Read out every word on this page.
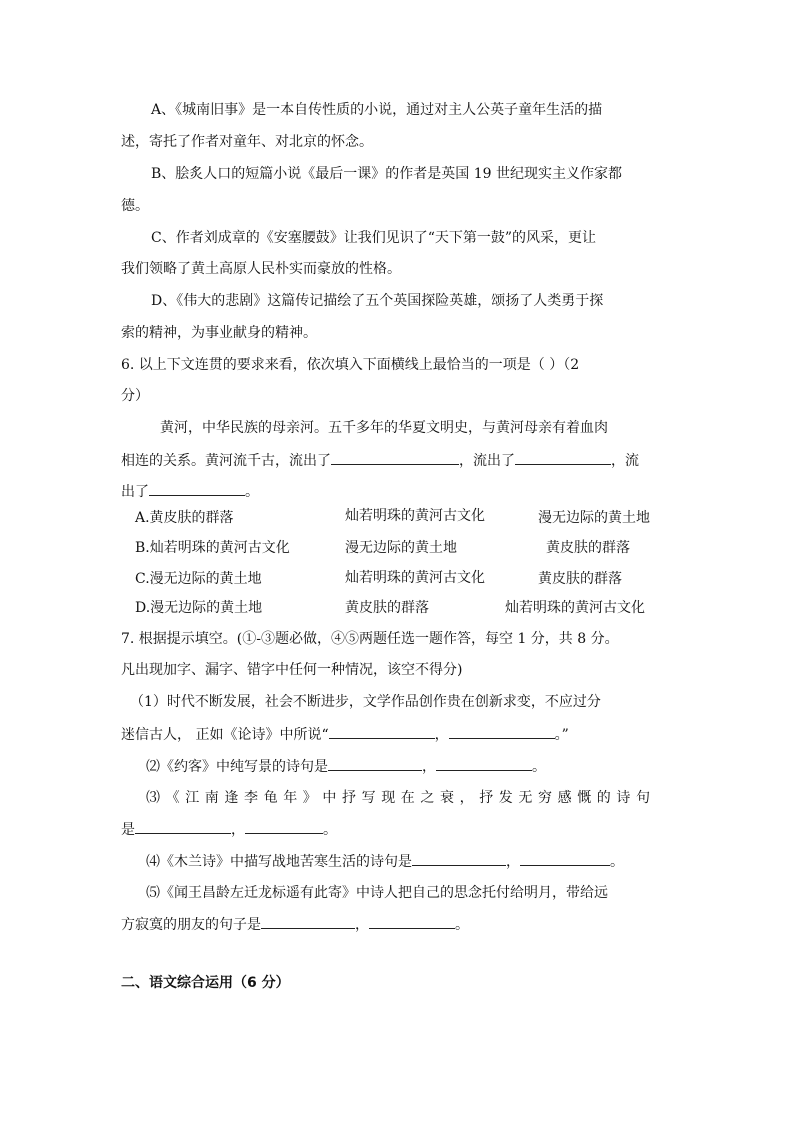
A、《城南旧事》是一本自传性质的小说，通过对主人公英子童年生活的描
述，寄托了作者对童年、对北京的怀念。
B、脍炙人口的短篇小说《最后一课》的作者是英国 19 世纪现实主义作家都
德。
C、作者刘成章的《安塞腰鼓》让我们见识了“天下第一鼓”的风采，更让
我们领略了黄土高原人民朴实而豪放的性格。
D、《伟大的悲剧》这篇传记描绘了五个英国探险英雄，颂扬了人类勇于探
索的精神，为事业献身的精神。
6. 以上下文连贯的要求来看，依次填入下面横线上最恰当的一项是（ ）（2
分）
黄河，中华民族的母亲河。五千多年的华夏文明史，与黄河母亲有着血肉
相连的关系。黄河流千古，流出了	，流出了	，流
出了	。
A.黄皮肤的群落	灿若明珠的黄河古文化	漫无边际的黄土地
B.灿若明珠的黄河古文化	漫无边际的黄土地	黄皮肤的群落
C.漫无边际的黄土地	灿若明珠的黄河古文化	黄皮肤的群落
D.漫无边际的黄土地	黄皮肤的群落	灿若明珠的黄河古文化
7. 根据提示填空。(①-③题必做，④⑤两题任选一题作答，每空 1 分，共 8 分。
凡出现加字、漏字、错字中任何一种情况，该空不得分)
（1）时代不断发展，社会不断进步，文学作品创作贵在创新求变，不应过分
迷信古人， 正如《论诗》中所说“	，	。”
⑵《约客》中纯写景的诗句是	，	。
⑶《江南逢李龟年》中抒写现在之衰，抒发无穷感慨的诗句
是	，	。
⑷《木兰诗》中描写战地苦寒生活的诗句是	，	。
⑸《闻王昌龄左迁龙标遥有此寄》中诗人把自己的思念托付给明月，带给远
方寂寞的朋友的句子是	，	。
二、语文综合运用（6 分）
